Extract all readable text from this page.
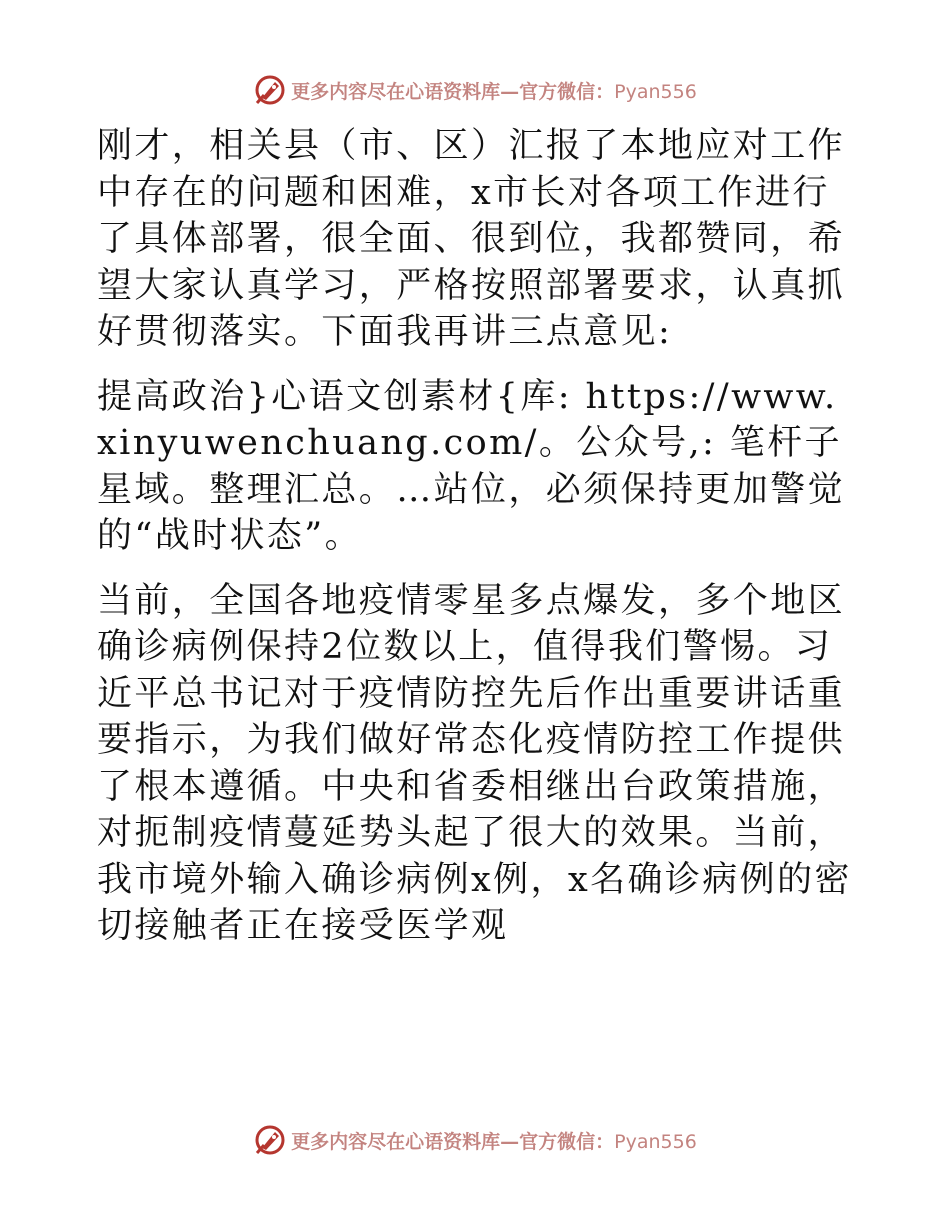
更多内容尽在心语资料库—官方微信：Pyan556

刚才，相关县（市、区）汇报了本地应对工作中存在的问题和困难，x市长对各项工作进行了具体部署，很全面、很到位，我都赞同，希望大家认真学习，严格按照部署要求，认真抓好贯彻落实。下面我再讲三点意见:

提高政治}心语文创素材{库: https://www.xinyuwenchuang.com/。公众号,: 笔杆子星域。整理汇总。…站位，必须保持更加警觉的“战时状态”。

当前，全国各地疫情零星多点爆发，多个地区确诊病例保持2位数以上，值得我们警惕。习近平总书记对于疫情防控先后作出重要讲话重要指示，为我们做好常态化疫情防控工作提供了根本遵循。中央和省委相继出台政策措施，对扼制疫情蔓延势头起了很大的效果。当前，我市境外输入确诊病例x例，x名确诊病例的密切接触者正在接受医学观

更多内容尽在心语资料库—官方微信：Pyan556
